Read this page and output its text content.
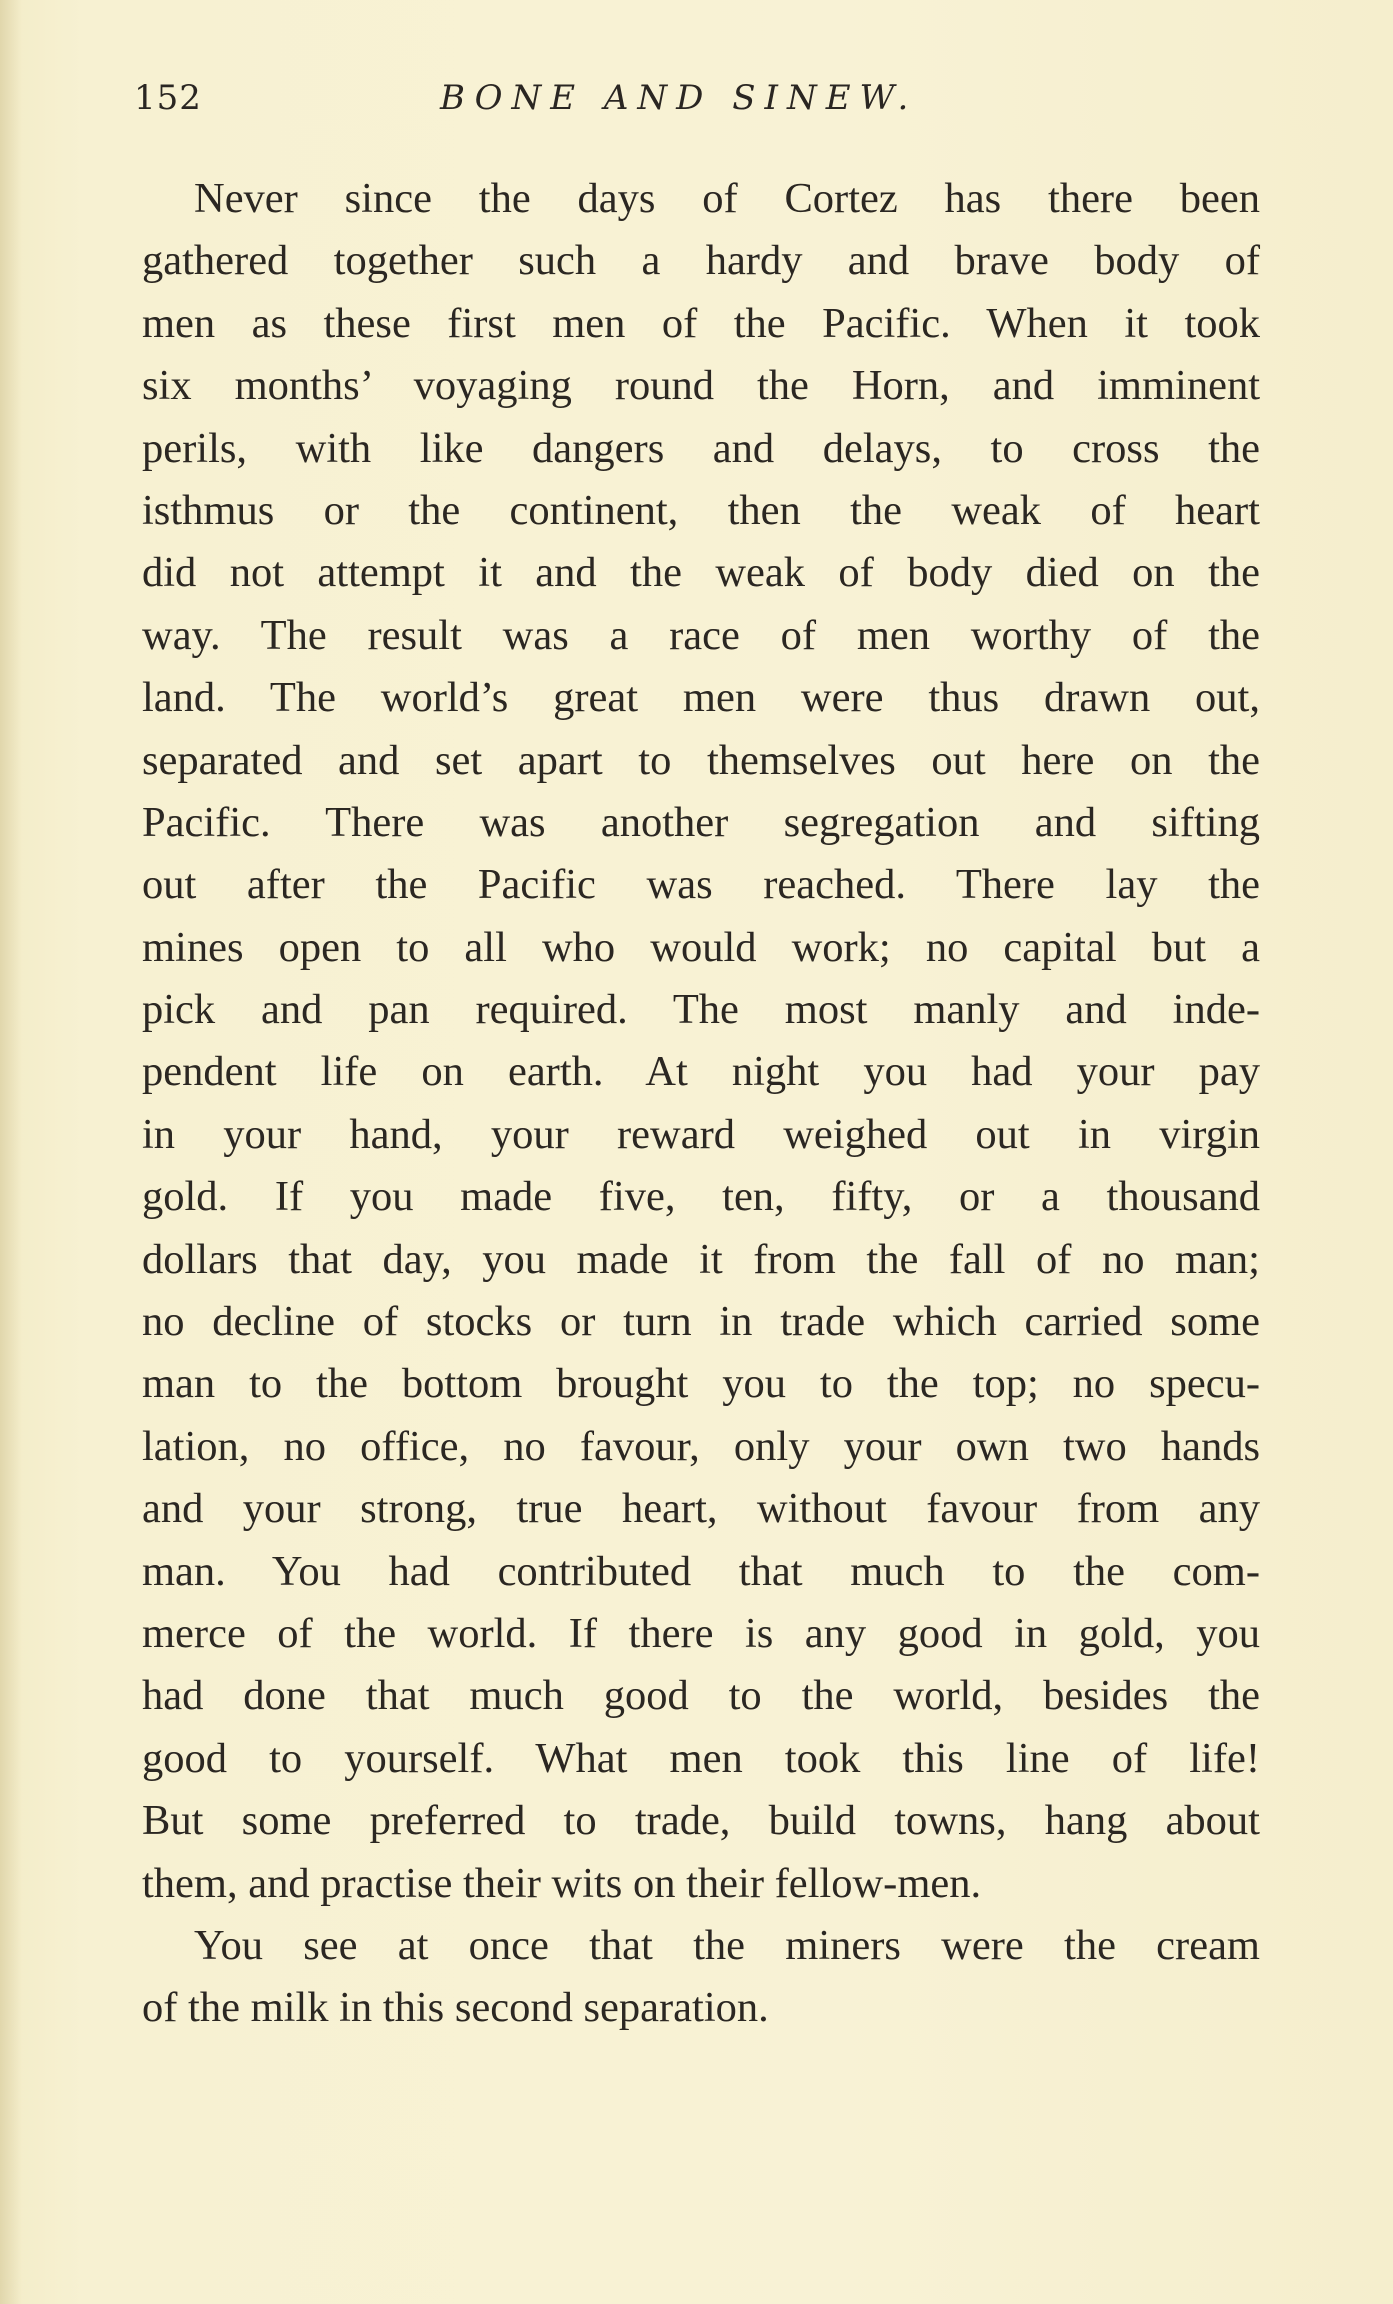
152	BONE AND SINEW.
Never since the days of Cortez has there been
gathered together such a hardy and brave body of
men as these first men of the Pacific. When it took
six months’ voyaging round the Horn, and imminent
perils, with like dangers and delays, to cross the
isthmus or the continent, then the weak of heart
did not attempt it and the weak of body died on the
way. The result was a race of men worthy of the
land. The world’s great men were thus drawn out,
separated and set apart to themselves out here on the
Pacific. There was another segregation and sifting
out after the Pacific was reached. There lay the
mines open to all who would work; no capital but a
pick and pan required. The most manly and inde-
pendent life on earth. At night you had your pay
in your hand, your reward weighed out in virgin
gold. If you made five, ten, fifty, or a thousand
dollars that day, you made it from the fall of no man;
no decline of stocks or turn in trade which carried some
man to the bottom brought you to the top; no specu-
lation, no office, no favour, only your own two hands
and your strong, true heart, without favour from any
man. You had contributed that much to the com-
merce of the world. If there is any good in gold, you
had done that much good to the world, besides the
good to yourself. What men took this line of life!
But some preferred to trade, build towns, hang about
them, and practise their wits on their fellow-men.
You see at once that the miners were the cream
of the milk in this second separation.
